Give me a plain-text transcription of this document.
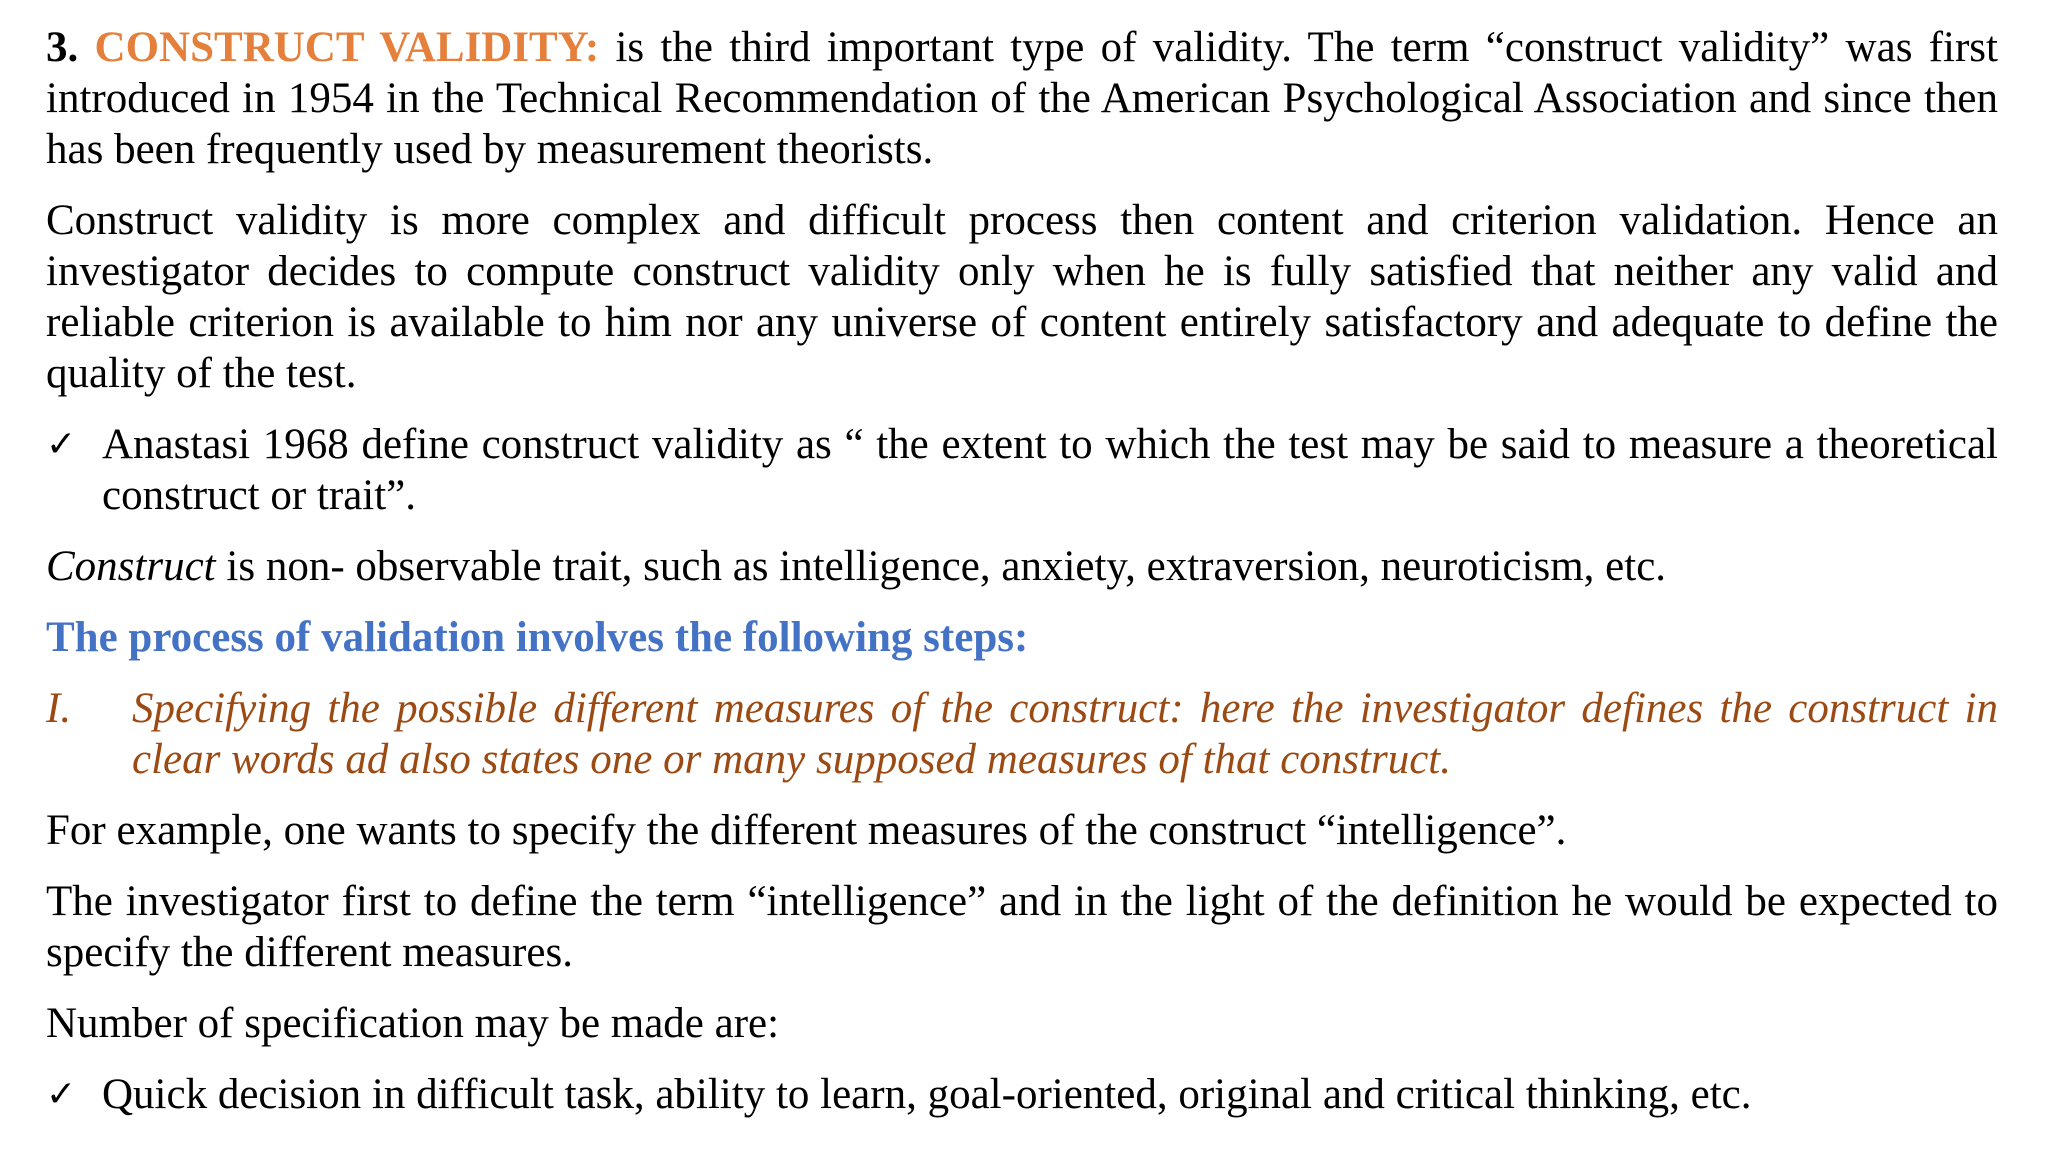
3. CONSTRUCT VALIDITY: is the third important type of validity. The term “construct validity” was first introduced in 1954 in the Technical Recommendation of the American Psychological Association and since then has been frequently used by measurement theorists.

Construct validity is more complex and difficult process then content and criterion validation. Hence an investigator decides to compute construct validity only when he is fully satisfied that neither any valid and reliable criterion is available to him nor any universe of content entirely satisfactory and adequate to define the quality of the test.

✓ Anastasi 1968 define construct validity as “ the extent to which the test may be said to measure a theoretical construct or trait”.

Construct is non- observable trait, such as intelligence, anxiety, extraversion, neuroticism, etc.

The process of validation involves the following steps:

I.	Specifying the possible different measures of the construct: here the investigator defines the construct in clear words ad also states one or many supposed measures of that construct.

For example, one wants to specify the different measures of the construct “intelligence”.

The investigator first to define the term “intelligence” and in the light of the definition he would be expected to specify the different measures.

Number of specification may be made are:

✓ Quick decision in difficult task, ability to learn, goal-oriented, original and critical thinking, etc.
